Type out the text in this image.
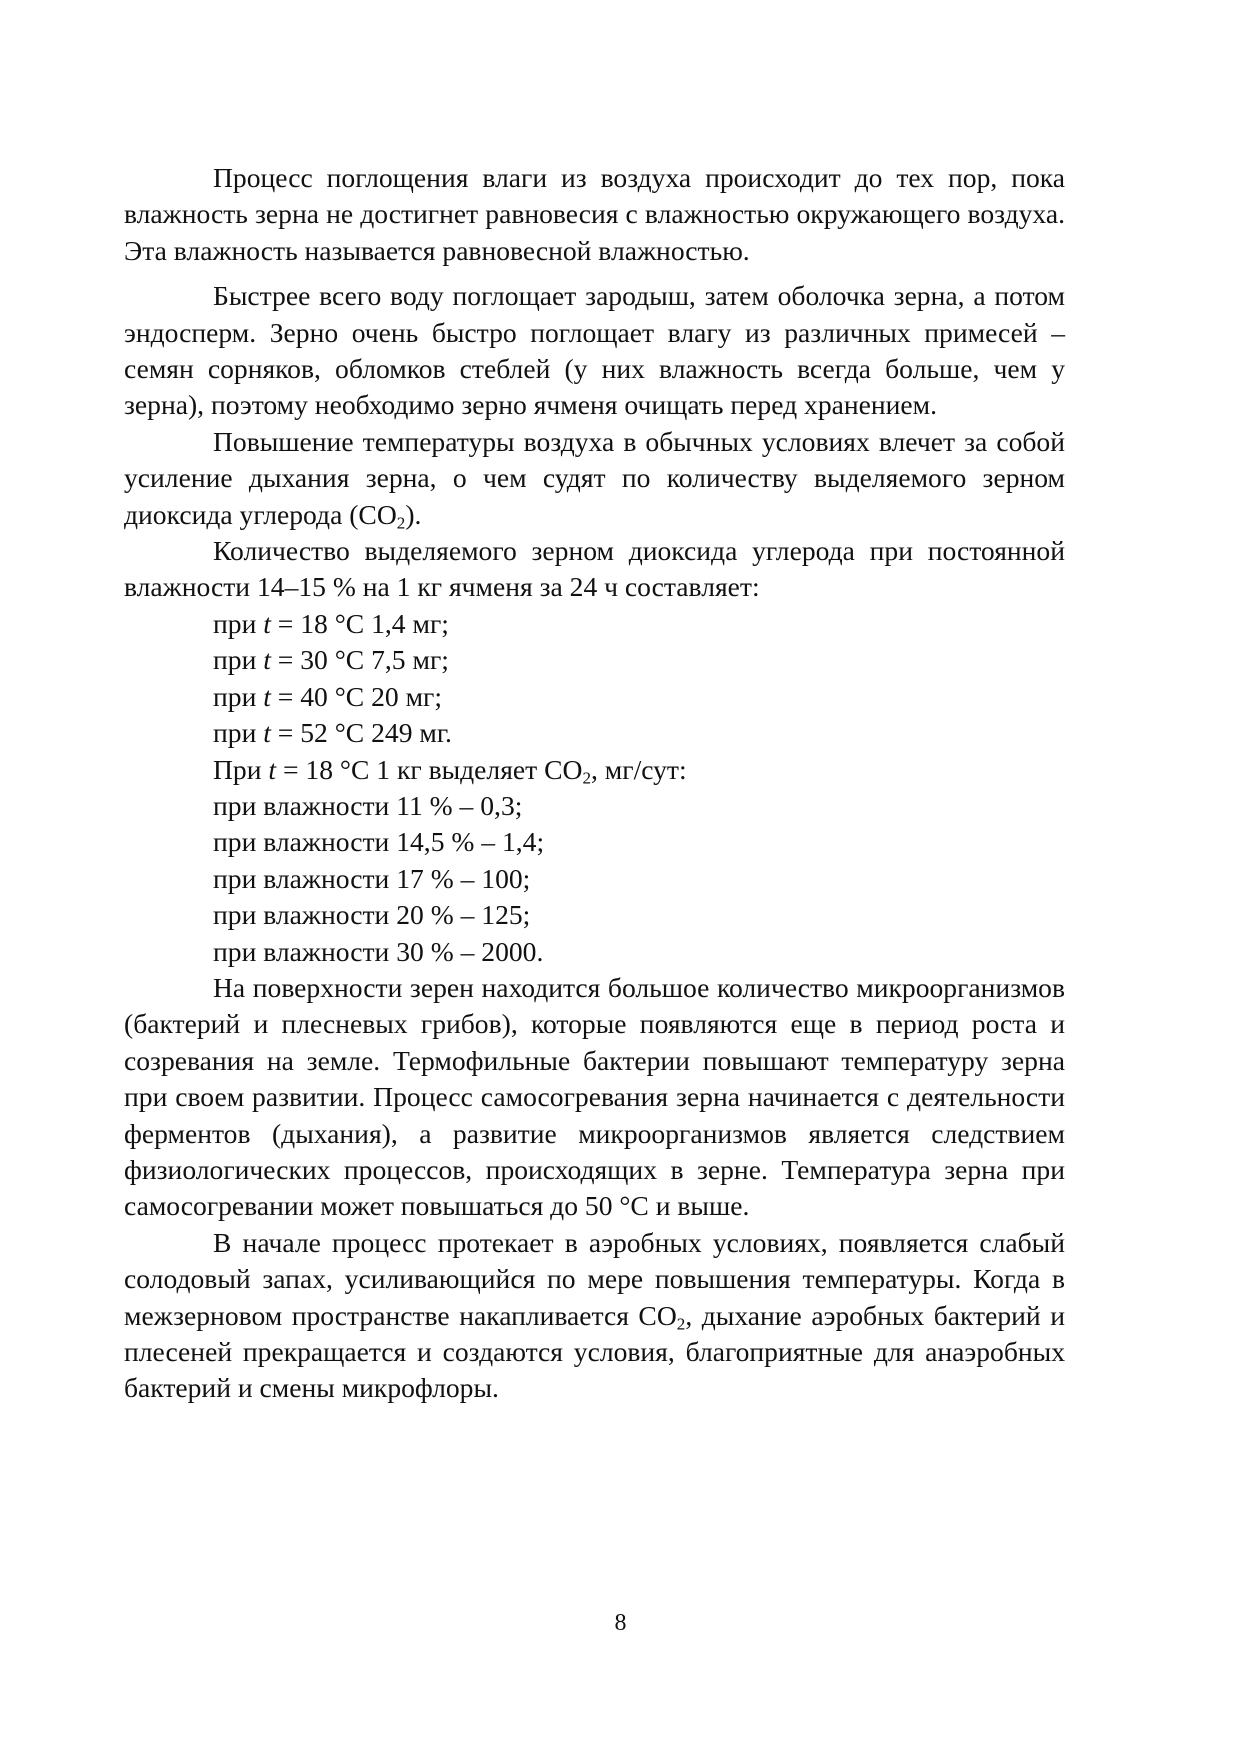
Процесс поглощения влаги из воздуха происходит до тех пор, пока влажность зерна не достигнет равновесия с влажностью окружающего воздуха. Эта влажность называется равновесной влажностью.

Быстрее всего воду поглощает зародыш, затем оболочка зерна, а потом эндосперм. Зерно очень быстро поглощает влагу из различных примесей – семян сорняков, обломков стеблей (у них влажность всегда больше, чем у зерна), поэтому необходимо зерно ячменя очищать перед хранением.

Повышение температуры воздуха в обычных условиях влечет за собой усиление дыхания зерна, о чем судят по количеству выделяемого зерном диоксида углерода $(CO_2)$.

Количество выделяемого зерном диоксида углерода при постоянной влажности 14–15 % на 1 кг ячменя за 24 ч составляет:

при t = 18 °С 1,4 мг;
при t = 30 °С 7,5 мг;
при t = 40 °С 20 мг;
при t = 52 °С 249 мг.
При t = 18 °С 1 кг выделяет $CO_2$, мг/сут:
при влажности 11 % – 0,3;
при влажности 14,5 % – 1,4;
при влажности 17 % – 100;
при влажности 20 % – 125;
при влажности 30 % – 2000.

На поверхности зерен находится большое количество микроорганизмов (бактерий и плесневых грибов), которые появляются еще в период роста и созревания на земле. Термофильные бактерии повышают температуру зерна при своем развитии. Процесс самосогревания зерна начинается с деятельности ферментов (дыхания), а развитие микроорганизмов является следствием физиологических процессов, происходящих в зерне. Температура зерна при самосогревании может повышаться до 50 °С и выше.

В начале процесс протекает в аэробных условиях, появляется слабый солодовый запах, усиливающийся по мере повышения температуры. Когда в межзерновом пространстве накапливается $CO_2$, дыхание аэробных бактерий и плесеней прекращается и создаются условия, благоприятные для анаэробных бактерий и смены микрофлоры.

8
